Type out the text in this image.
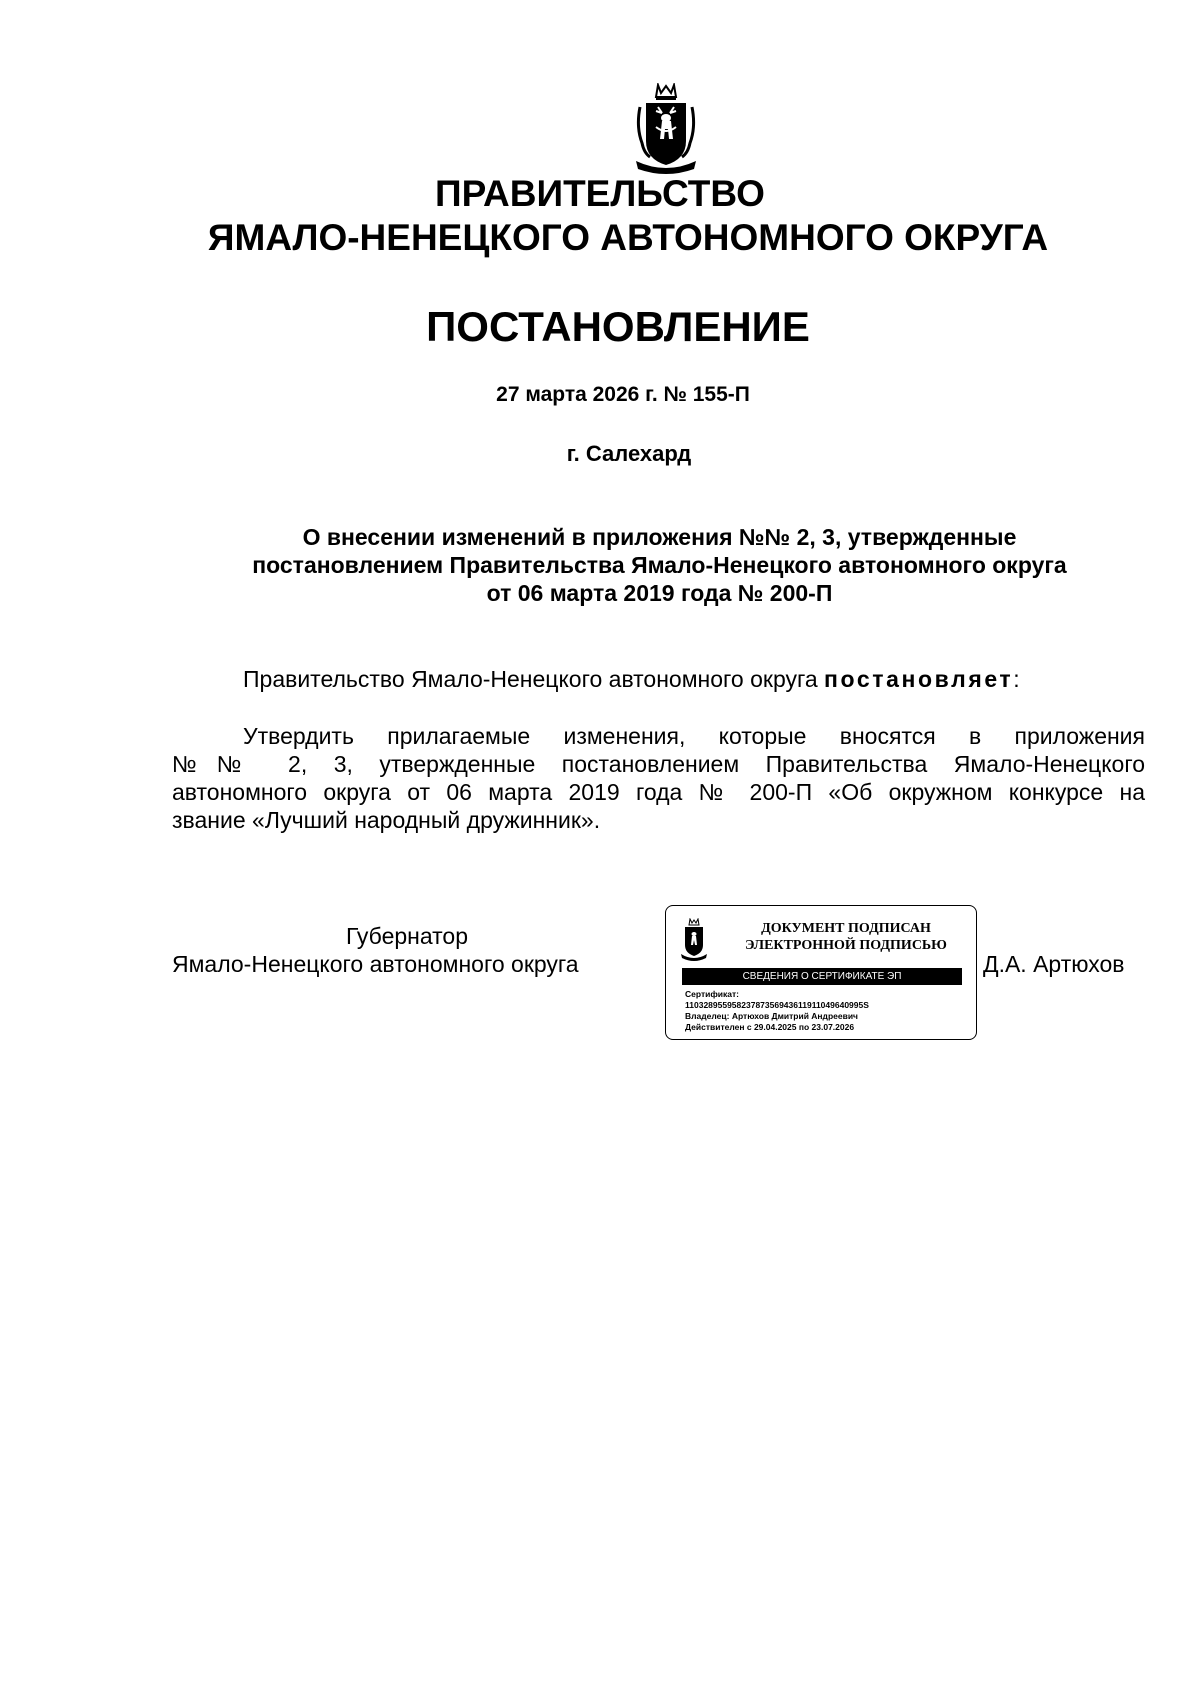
ПРАВИТЕЛЬСТВО
ЯМАЛО-НЕНЕЦКОГО АВТОНОМНОГО ОКРУГА
ПОСТАНОВЛЕНИЕ
27 марта 2026 г. № 155-П
г. Салехард
О внесении изменений в приложения №№ 2, 3, утвержденные
постановлением Правительства Ямало-Ненецкого автономного округа
от 06 марта 2019 года № 200-П
Правительство Ямало-Ненецкого автономного округа постановляет:
Утвердить прилагаемые изменения, которые вносятся в приложения
№№ 2, 3, утвержденные постановлением Правительства Ямало-Ненецкого
автономного округа от 06 марта 2019 года № 200-П «Об окружном конкурсе на
звание «Лучший народный дружинник».
Губернатор
Ямало-Ненецкого автономного округа
ДОКУМЕНТ ПОДПИСАН
ЭЛЕКТРОННОЙ ПОДПИСЬЮ
СВЕДЕНИЯ О СЕРТИФИКАТЕ ЭП
Сертификат:
11032895595823787356943611911049640995S
Владелец: Артюхов Дмитрий Андреевич
Действителен с 29.04.2025 по 23.07.2026
Д.А. Артюхов
